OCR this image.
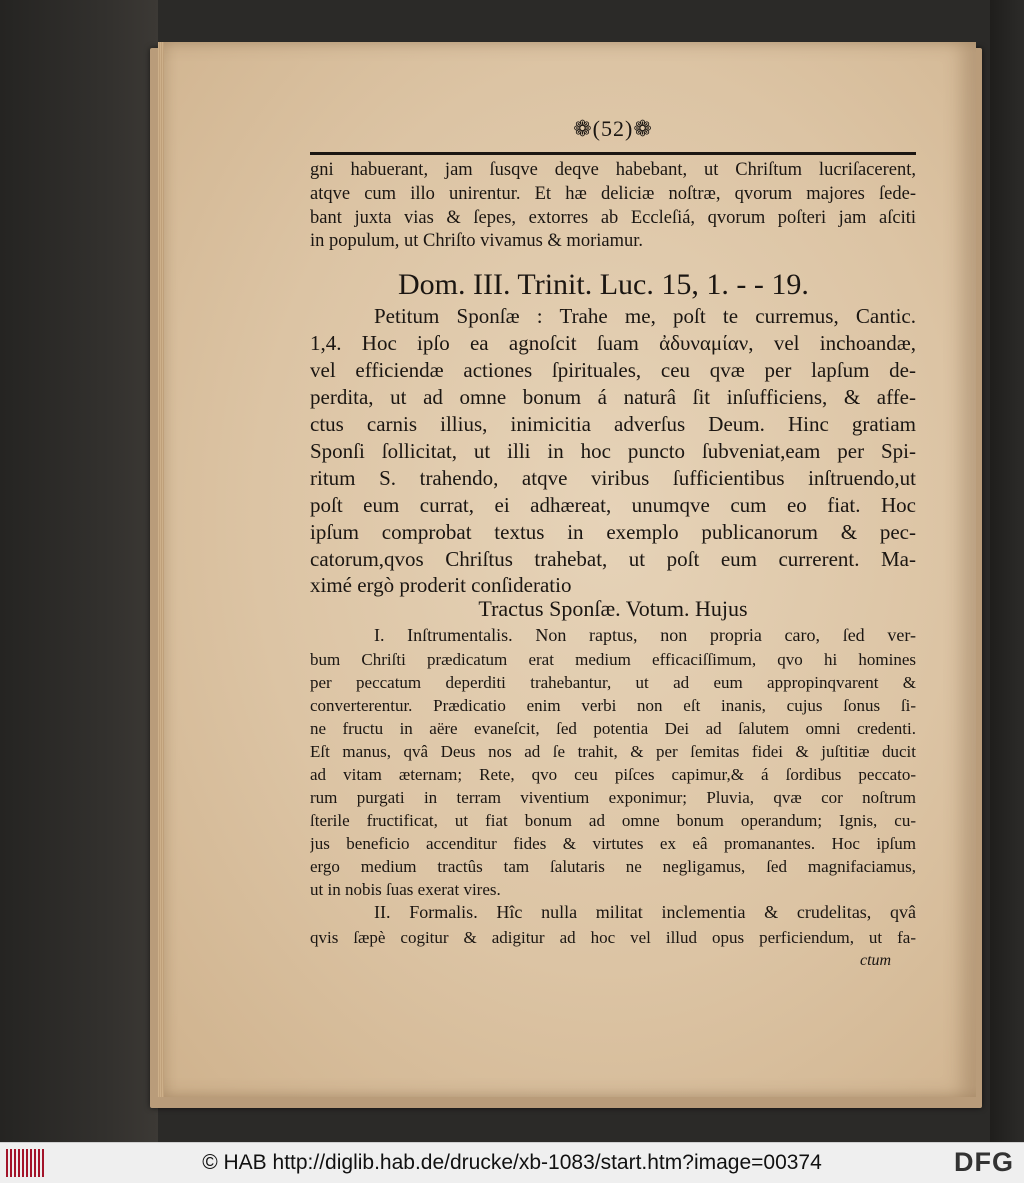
❁(52)❁
gni habuerant, jam ſusqve deqve habebant, ut Chriſtum lucriſacerent,
atqve cum illo unirentur. Et hæ deliciæ noſtræ, qvorum majores ſede-
bant juxta vias & ſepes, extorres ab Eccleſiá, qvorum poſteri jam aſciti
in populum, ut Chriſto vivamus & moriamur.
Dom. III. Trinit. Luc. 15, 1. - - 19.
Petitum Sponſæ : Trahe me, poſt te curremus, Cantic.
1,4. Hoc ipſo ea agnoſcit ſuam ἀδυναμίαν, vel inchoandæ,
vel efficiendæ actiones ſpirituales, ceu qvæ per lapſum de-
perdita, ut ad omne bonum á naturâ ſit inſufficiens, & affe-
ctus carnis illius, inimicitia adverſus Deum. Hinc gratiam
Sponſi ſollicitat, ut illi in hoc puncto ſubveniat,eam per Spi-
ritum S. trahendo, atqve viribus ſufficientibus inſtruendo,ut
poſt eum currat, ei adhæreat, unumqve cum eo fiat. Hoc
ipſum comprobat textus in exemplo publicanorum & pec-
catorum,qvos Chriſtus trahebat, ut poſt eum currerent. Ma-
ximé ergò proderit conſideratio
Tractus Sponſæ. Votum. Hujus
I. Inſtrumentalis. Non raptus, non propria caro, ſed ver-
bum Chriſti prædicatum erat medium efficaciſſimum, qvo hi homines
per peccatum deperditi trahebantur, ut ad eum appropinqvarent &
converterentur. Prædicatio enim verbi non eſt inanis, cujus ſonus ſi-
ne fructu in aëre evaneſcit, ſed potentia Dei ad ſalutem omni credenti.
Eſt manus, qvâ Deus nos ad ſe trahit, & per ſemitas fidei & juſtitiæ ducit
ad vitam æternam; Rete, qvo ceu piſces capimur,& á ſordibus peccato-
rum purgati in terram viventium exponimur; Pluvia, qvæ cor noſtrum
ſterile fructificat, ut fiat bonum ad omne bonum operandum; Ignis, cu-
jus beneficio accenditur fides & virtutes ex eâ promanantes. Hoc ipſum
ergo medium tractûs tam ſalutaris ne negligamus, ſed magnifaciamus,
ut in nobis ſuas exerat vires.
II. Formalis. Hîc nulla militat inclementia & crudelitas, qvâ
qvis ſæpè cogitur & adigitur ad hoc vel illud opus perficiendum, ut fa-
ctum
© HAB http://diglib.hab.de/drucke/xb-1083/start.htm?image=00374	DFG
